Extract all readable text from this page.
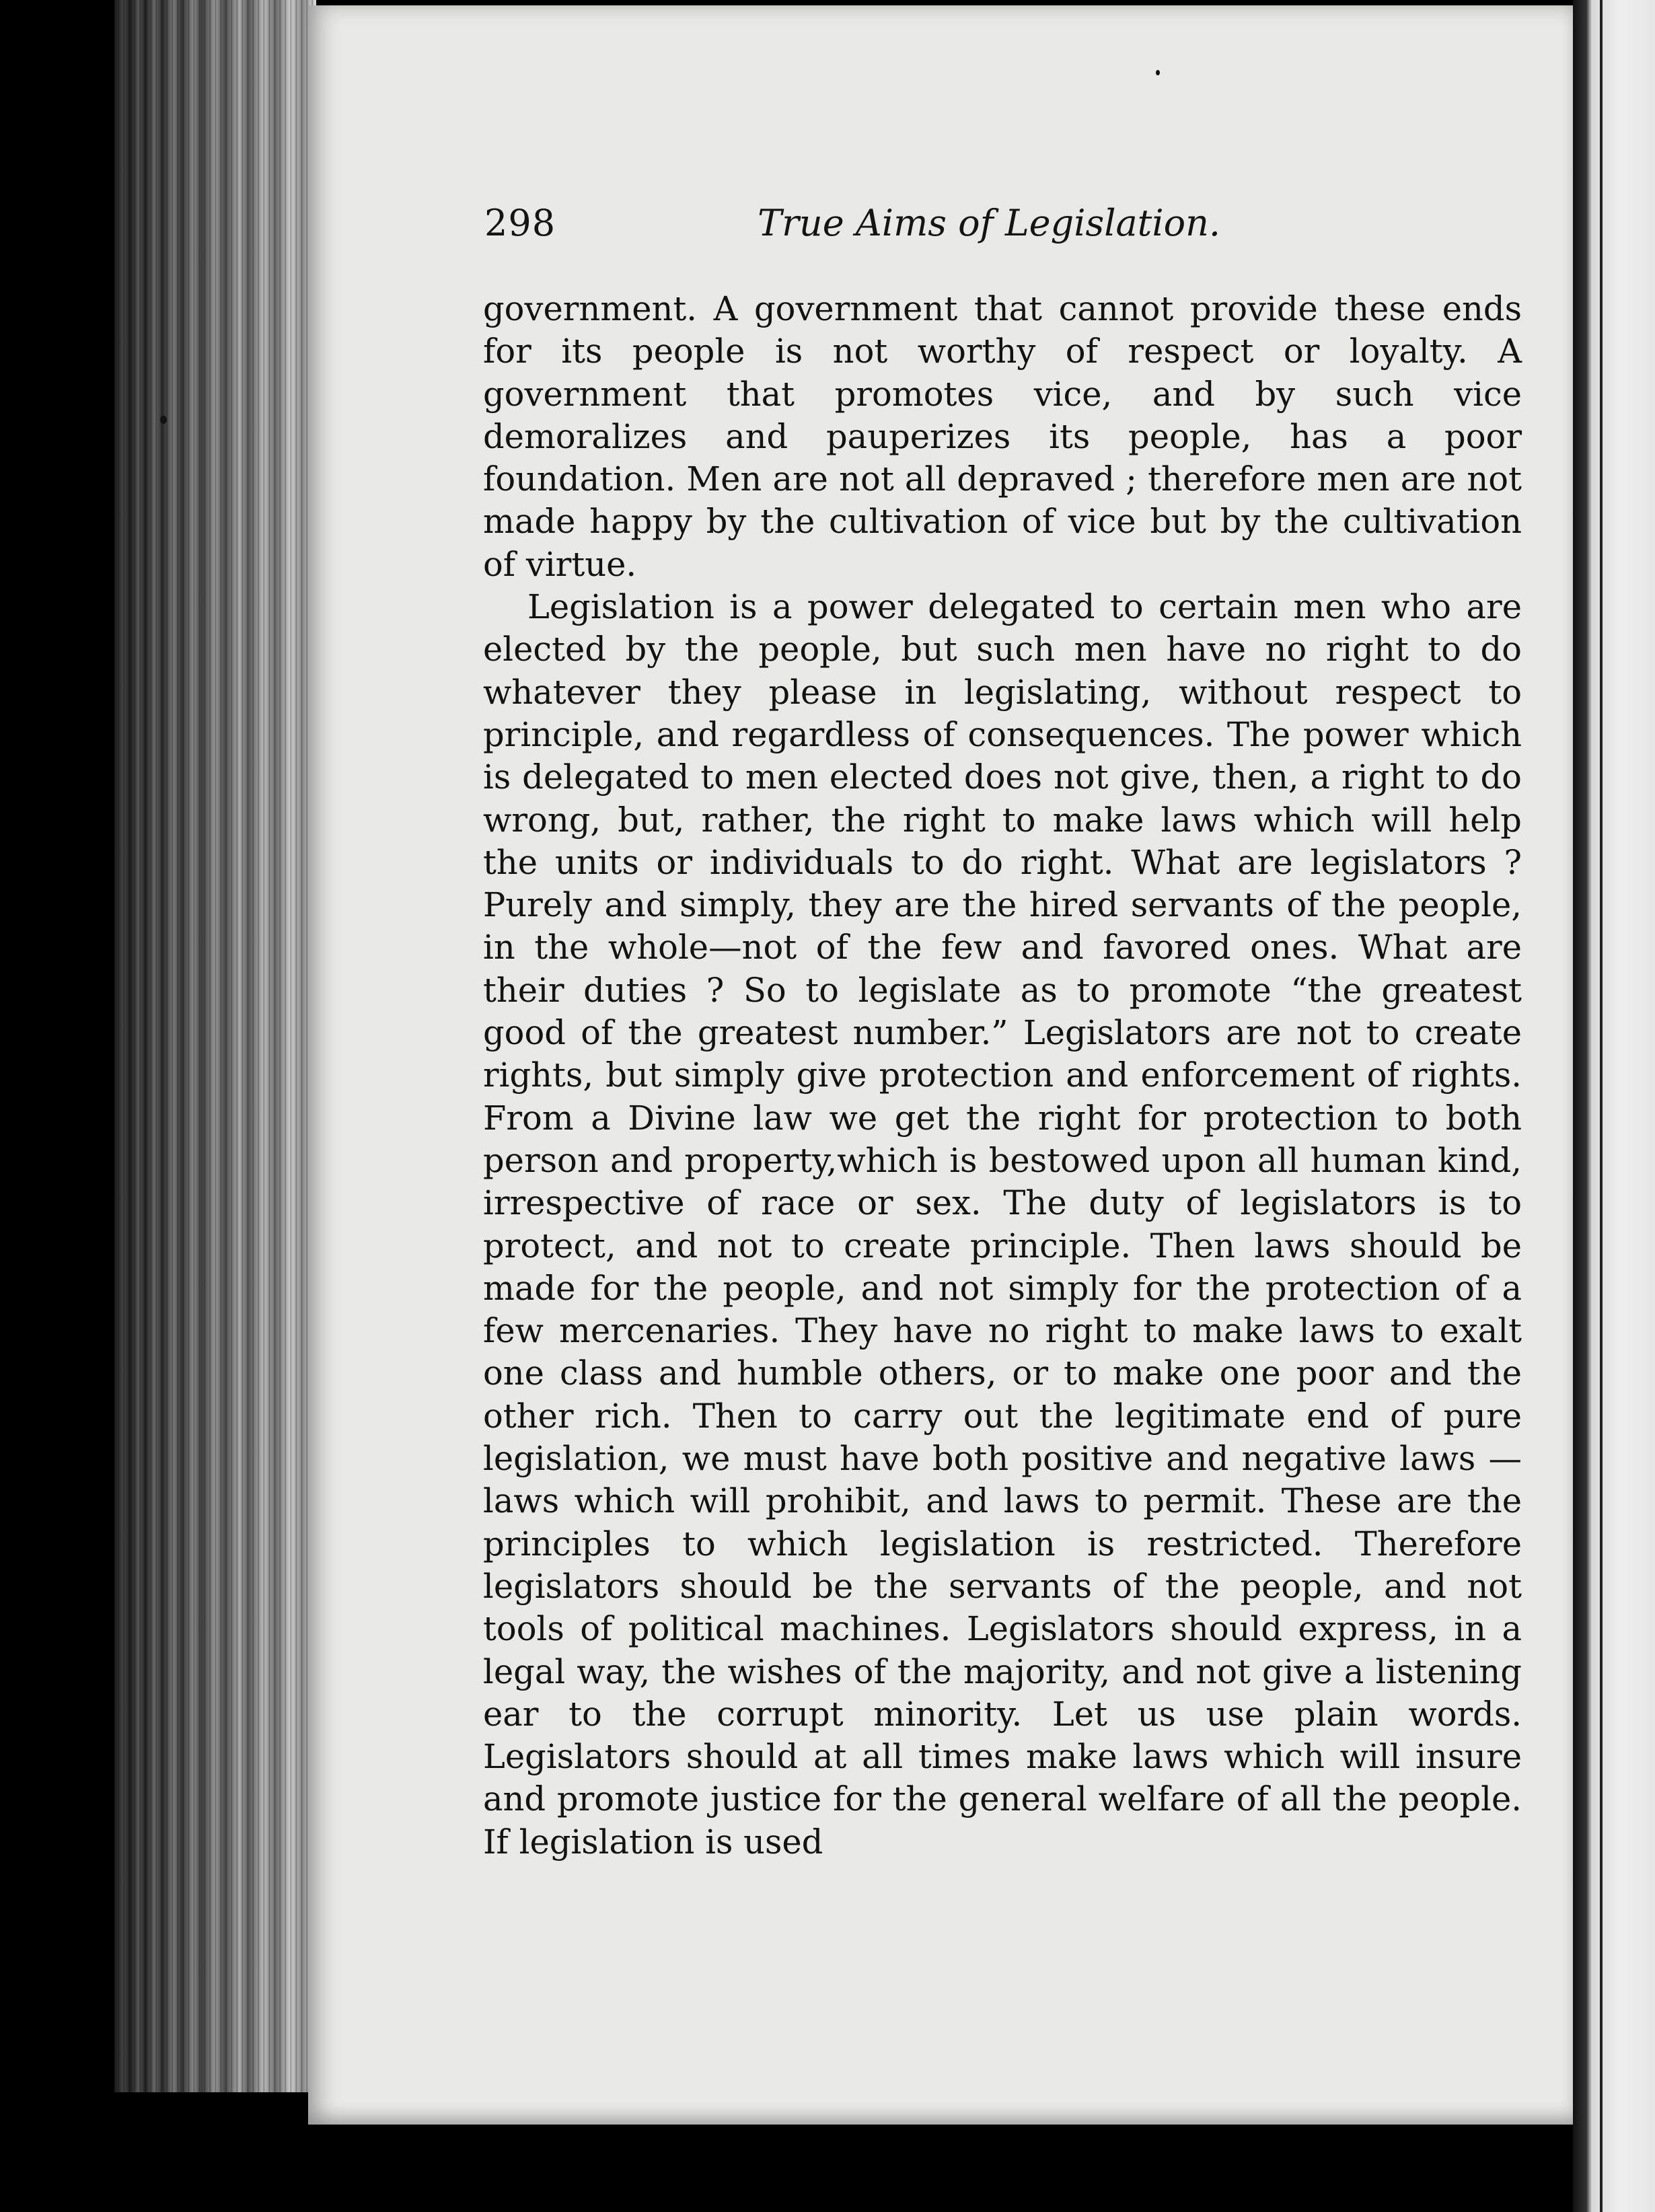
298	True Aims of Legislation.

government. A government that cannot provide these ends for its people is not worthy of respect or loyalty. A government that promotes vice, and by such vice demoralizes and pauperizes its people, has a poor foundation. Men are not all depraved ; therefore men are not made happy by the cultivation of vice but by the cultivation of virtue.

Legislation is a power delegated to certain men who are elected by the people, but such men have no right to do whatever they please in legislating, without respect to principle, and regardless of consequences. The power which is delegated to men elected does not give, then, a right to do wrong, but, rather, the right to make laws which will help the units or individuals to do right. What are legislators ? Purely and simply, they are the hired servants of the people, in the whole—not of the few and favored ones. What are their duties ? So to legislate as to promote “the greatest good of the greatest number.” Legislators are not to create rights, but simply give protection and enforcement of rights. From a Divine law we get the right for protection to both person and property,which is bestowed upon all human kind, irrespective of race or sex. The duty of legislators is to protect, and not to create principle. Then laws should be made for the people, and not simply for the protection of a few mercenaries. They have no right to make laws to exalt one class and humble others, or to make one poor and the other rich. Then to carry out the legitimate end of pure legislation, we must have both positive and negative laws —laws which will prohibit, and laws to permit. These are the principles to which legislation is restricted. Therefore legislators should be the servants of the people, and not tools of political machines. Legislators should express, in a legal way, the wishes of the majority, and not give a listening ear to the corrupt minority. Let us use plain words. Legislators should at all times make laws which will insure and promote justice for the general welfare of all the people. If legislation is used
